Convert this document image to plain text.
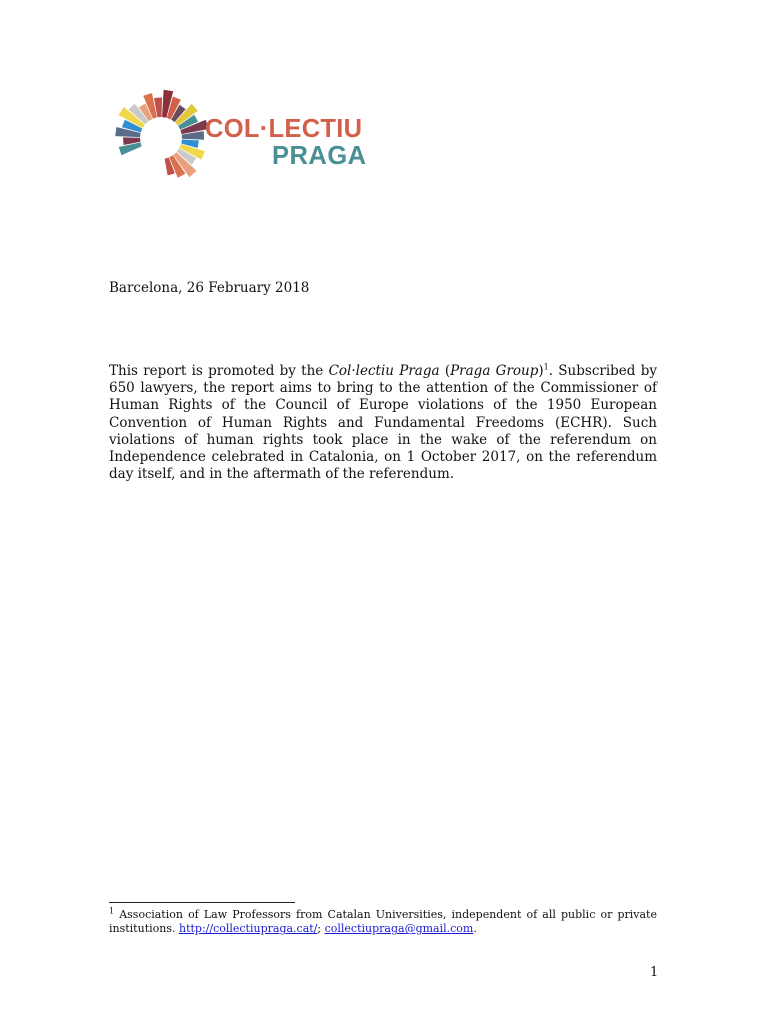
COL·LECTIU
PRAGA
Barcelona, 26 February 2018

This report is promoted by the Col·lectiu Praga (Praga Group)$^1$. Subscribed by 650 lawyers, the report aims to bring to the attention of the Commissioner of Human Rights of the Council of Europe violations of the 1950 European Convention of Human Rights and Fundamental Freedoms (ECHR). Such violations of human rights took place in the wake of the referendum on Independence celebrated in Catalonia, on 1 October 2017, on the referendum day itself, and in the aftermath of the referendum.

$^1$ Association of Law Professors from Catalan Universities, independent of all public or private institutions. http://collectiupraga.cat/; collectiupraga@gmail.com.

1
